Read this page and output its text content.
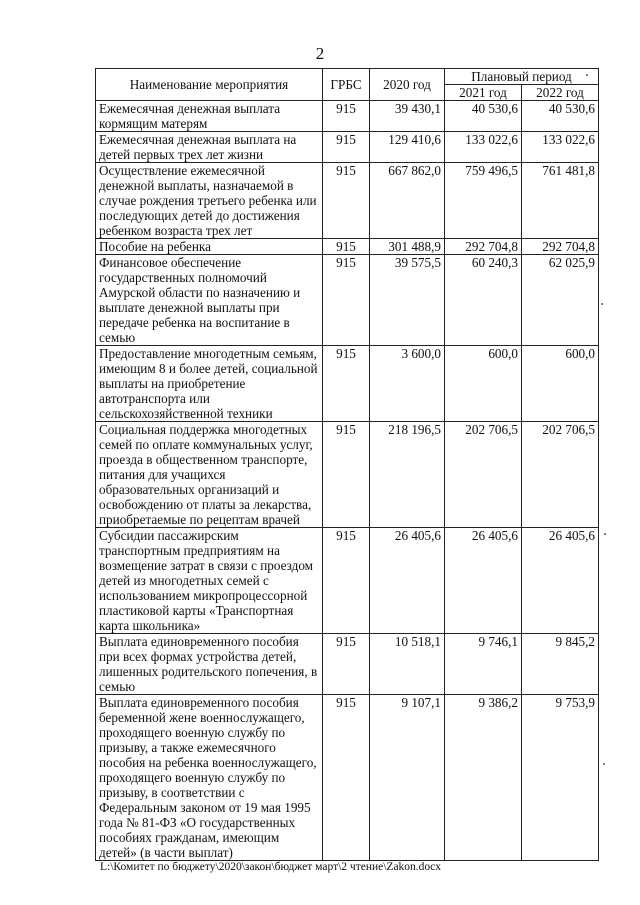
2
Наименование мероприятия	ГРБС	2020 год	Плановый период	
			2021 год	2022 год
Ежемесячная денежная выплата кормящим матерям	915	39 430,1	40 530,6	40 530,6
Ежемесячная денежная выплата на детей первых трех лет жизни	915	129 410,6	133 022,6	133 022,6
Осуществление ежемесячной денежной выплаты, назначаемой в случае рождения третьего ребенка или последующих детей до достижения ребенком возраста трех лет	915	667 862,0	759 496,5	761 481,8
Пособие на ребенка	915	301 488,9	292 704,8	292 704,8
Финансовое обеспечение государственных полномочий Амурской области по назначению и выплате денежной выплаты при передаче ребенка на воспитание в семью	915	39 575,5	60 240,3	62 025,9
Предоставление многодетным семьям, имеющим 8 и более детей, социальной выплаты на приобретение автотранспорта или сельскохозяйственной техники	915	3 600,0	600,0	600,0
Социальная поддержка многодетных семей по оплате коммунальных услуг, проезда в общественном транспорте, питания для учащихся образовательных организаций и освобождению от платы за лекарства, приобретаемые по рецептам врачей	915	218 196,5	202 706,5	202 706,5
Субсидии пассажирским транспортным предприятиям на возмещение затрат в связи с проездом детей из многодетных семей с использованием микропроцессорной пластиковой карты «Транспортная карта школьника»	915	26 405,6	26 405,6	26 405,6
Выплата единовременного пособия при всех формах устройства детей, лишенных родительского попечения, в семью	915	10 518,1	9 746,1	9 845,2
Выплата единовременного пособия беременной жене военнослужащего, проходящего военную службу по призыву, а также ежемесячного пособия на ребенка военнослужащего, проходящего военную службу по призыву, в соответствии с Федеральным законом от 19 мая 1995 года № 81-ФЗ «О государственных пособиях гражданам, имеющим детей» (в части выплат)	915	9 107,1	9 386,2	9 753,9
L:\Комитет по бюджету\2020\закон\бюджет март\2 чтение\Zakon.docx
